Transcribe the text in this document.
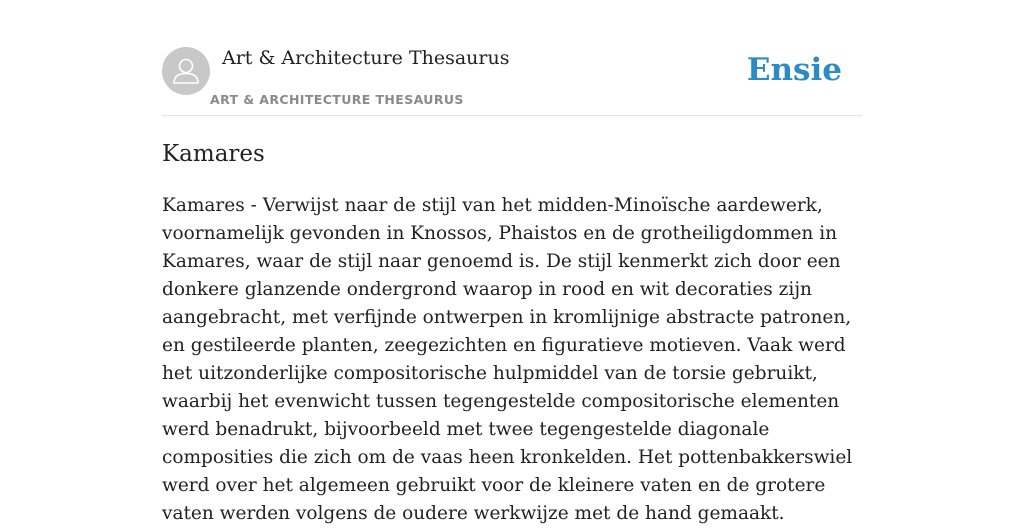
Art & Architecture Thesaurus
ART & ARCHITECTURE THESAURUS
Ensie
Kamares

Kamares - Verwijst naar de stijl van het midden-Minoïsche aardewerk, voornamelijk gevonden in Knossos, Phaistos en de grotheiligdommen in Kamares, waar de stijl naar genoemd is. De stijl kenmerkt zich door een donkere glanzende ondergrond waarop in rood en wit decoraties zijn aangebracht, met verfijnde ontwerpen in kromlijnige abstracte patronen, en gestileerde planten, zeegezichten en figuratieve motieven. Vaak werd het uitzonderlijke compositorische hulpmiddel van de torsie gebruikt, waarbij het evenwicht tussen tegengestelde compositorische elementen werd benadrukt, bijvoorbeeld met twee tegengestelde diagonale composities die zich om de vaas heen kronkelden. Het pottenbakkerswiel werd over het algemeen gebruikt voor de kleinere vaten en de grotere vaten werden volgens de oudere werkwijze met de hand gemaakt.
